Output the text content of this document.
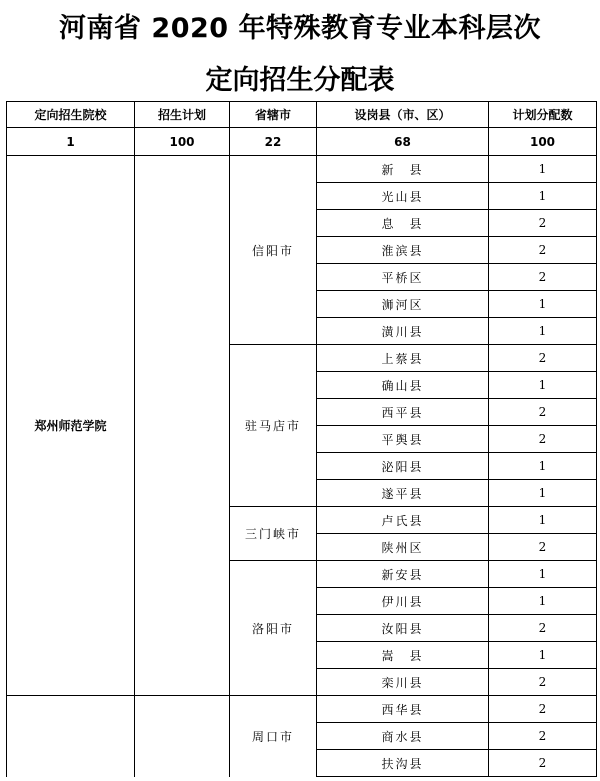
河南省 2020 年特殊教育专业本科层次
定向招生分配表
定向招生院校	招生计划	省辖市	设岗县（市、区）	计划分配数
1	100	22	68	100
郑州师范学院		信阳市	新　县	1
			光山县	1
			息　县	2
			淮滨县	2
			平桥区	2
			浉河区	1
			潢川县	1
		驻马店市	上蔡县	2
			确山县	1
			西平县	2
			平舆县	2
			泌阳县	1
			遂平县	1
		三门峡市	卢氏县	1
			陕州区	2
		洛阳市	新安县	1
			伊川县	1
			汝阳县	2
			嵩　县	1
			栾川县	2
		周口市	西华县	2
			商水县	2
			扶沟县	2
